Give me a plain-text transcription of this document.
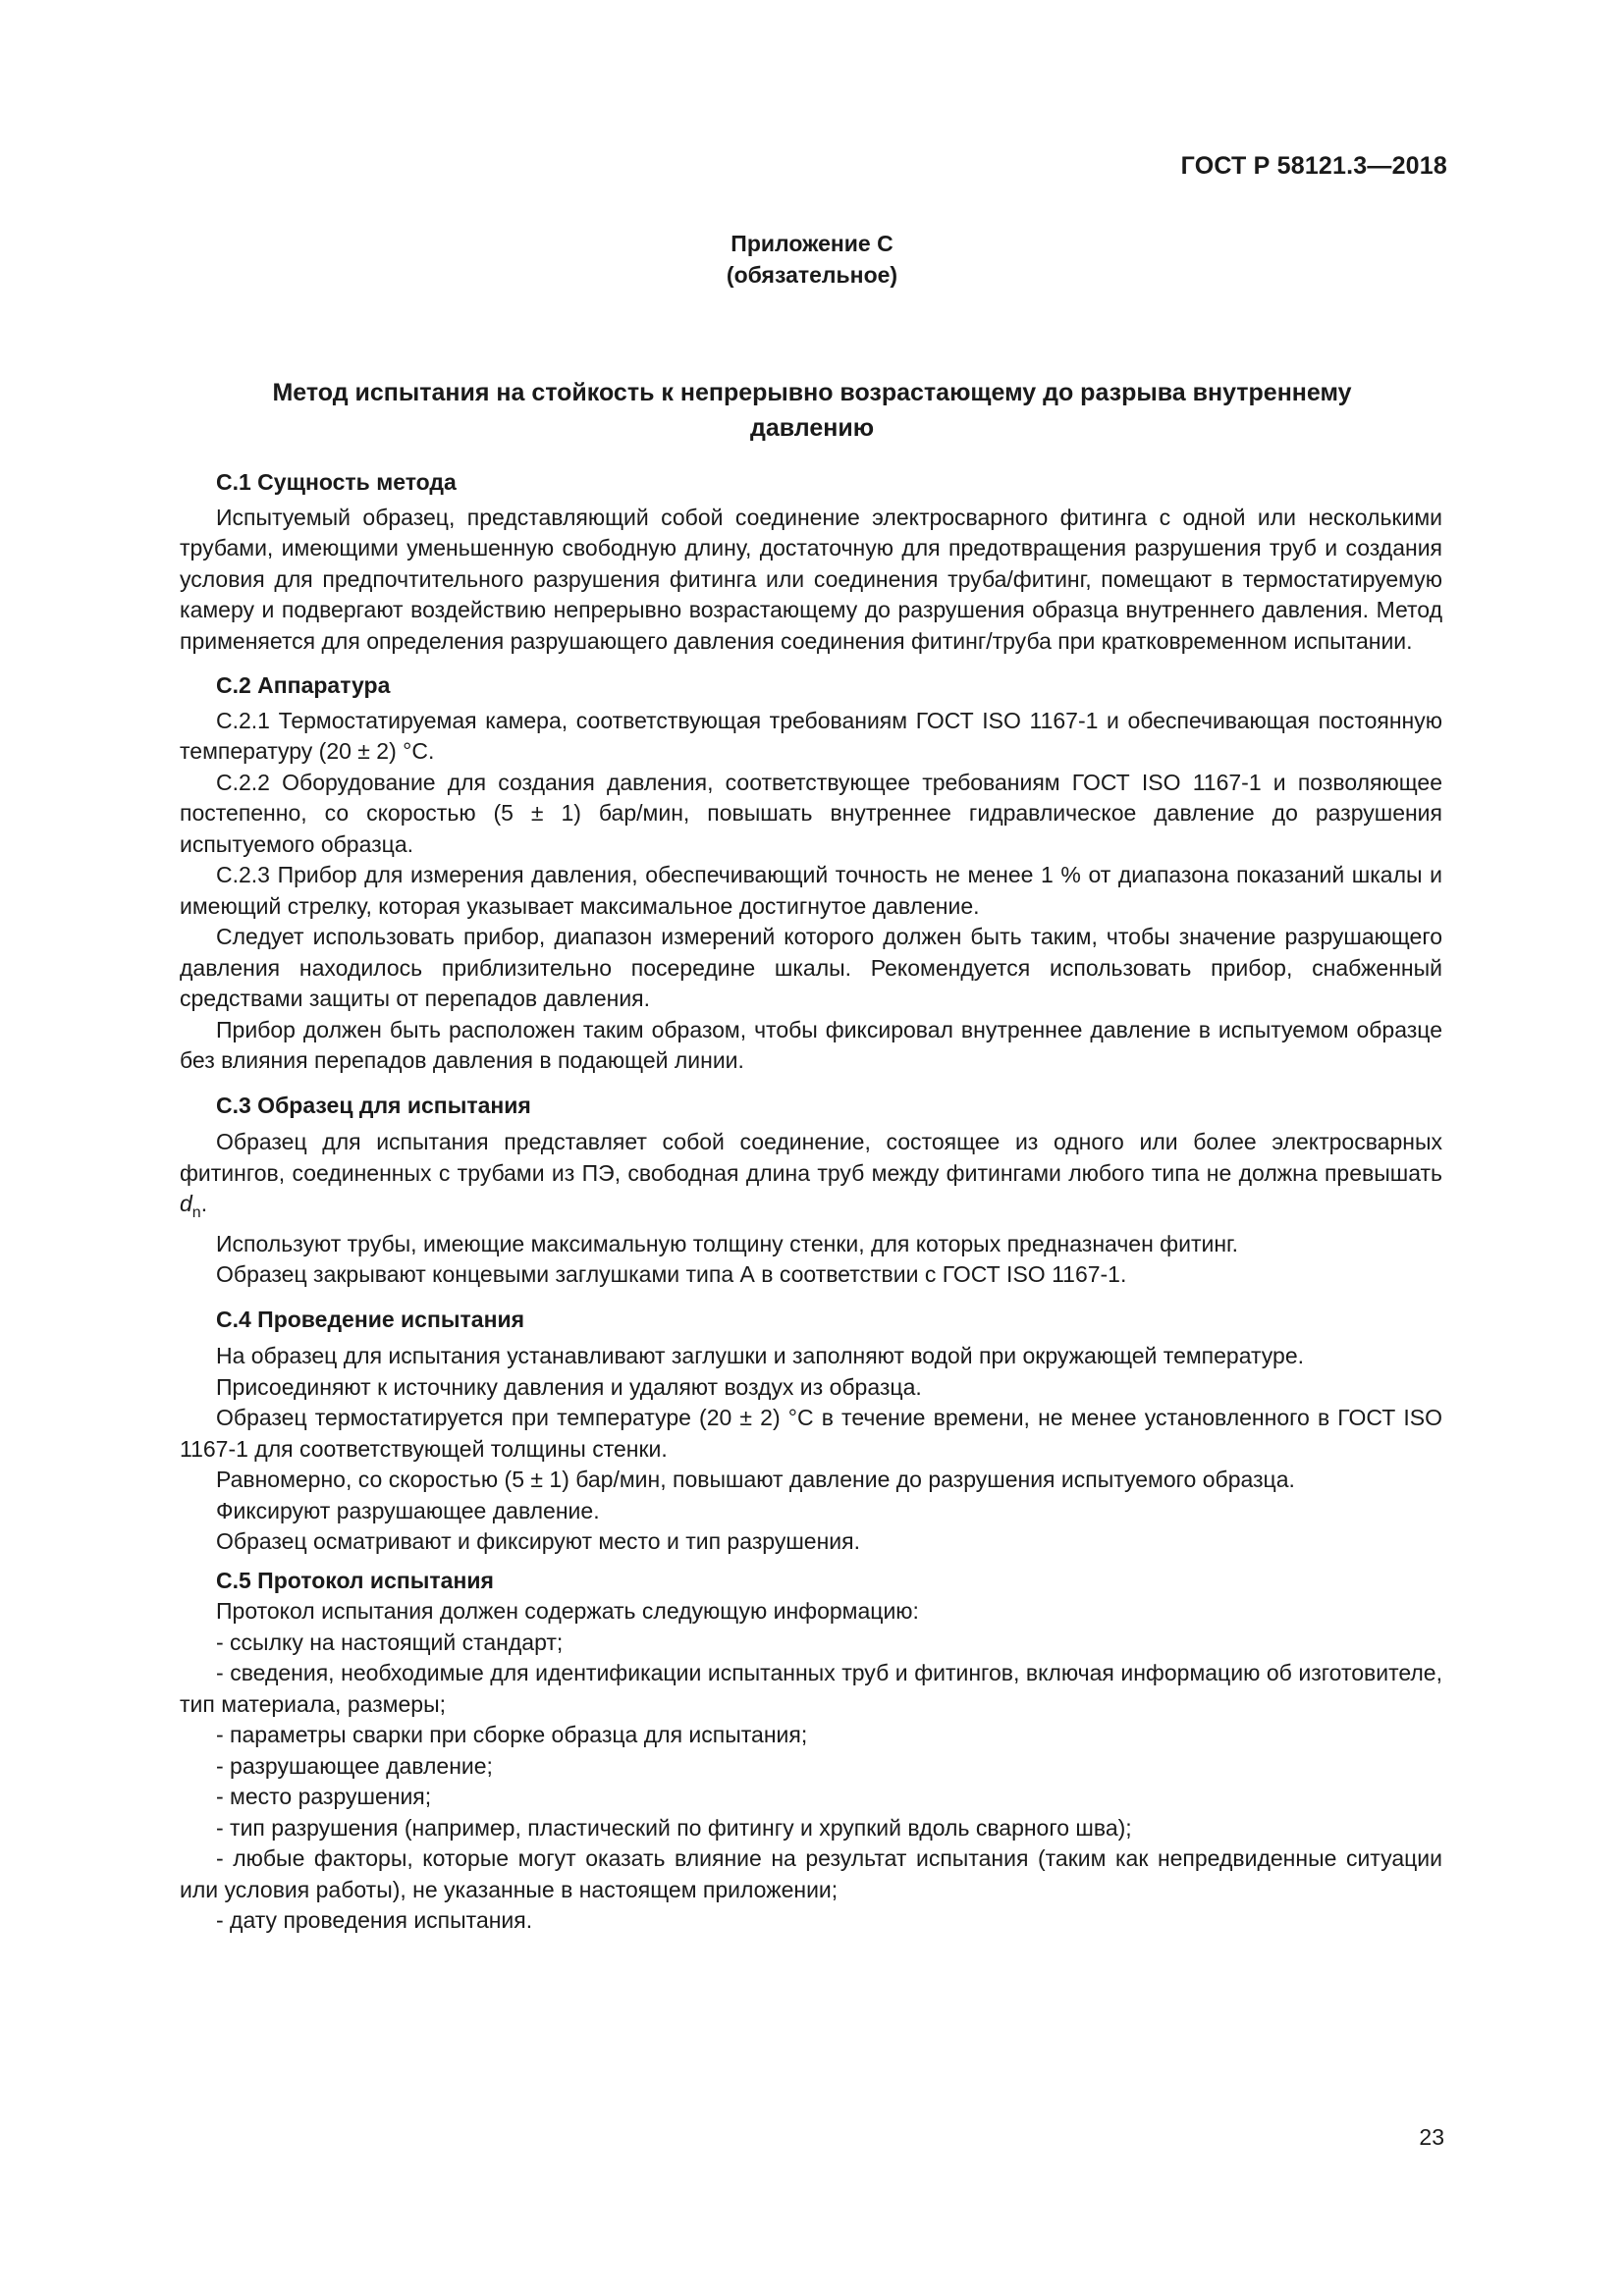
ГОСТ Р 58121.3—2018
Приложение С
(обязательное)
Метод испытания на стойкость к непрерывно возрастающему до разрыва внутреннему
давлению
С.1 Сущность метода

Испытуемый образец, представляющий собой соединение электросварного фитинга с одной или несколькими трубами, имеющими уменьшенную свободную длину, достаточную для предотвращения разрушения труб и создания условия для предпочтительного разрушения фитинга или соединения труба/фитинг, помещают в термостатируемую камеру и подвергают воздействию непрерывно возрастающему до разрушения образца внутреннего давления. Метод применяется для определения разрушающего давления соединения фитинг/труба при кратковременном испытании.

С.2 Аппаратура

С.2.1 Термостатируемая камера, соответствующая требованиям ГОСТ ISO 1167-1 и обеспечивающая постоянную температуру (20 ± 2) °С.

С.2.2 Оборудование для создания давления, соответствующее требованиям ГОСТ ISO 1167-1 и позволяющее постепенно, со скоростью (5 ± 1) бар/мин, повышать внутреннее гидравлическое давление до разрушения испытуемого образца.

С.2.3 Прибор для измерения давления, обеспечивающий точность не менее 1 % от диапазона показаний шкалы и имеющий стрелку, которая указывает максимальное достигнутое давление.

Следует использовать прибор, диапазон измерений которого должен быть таким, чтобы значение разрушающего давления находилось приблизительно посередине шкалы. Рекомендуется использовать прибор, снабженный средствами защиты от перепадов давления.

Прибор должен быть расположен таким образом, чтобы фиксировал внутреннее давление в испытуемом образце без влияния перепадов давления в подающей линии.

С.3 Образец для испытания

Образец для испытания представляет собой соединение, состоящее из одного или более электросварных фитингов, соединенных с трубами из ПЭ, свободная длина труб между фитингами любого типа не должна превышать $d_n$.

Используют трубы, имеющие максимальную толщину стенки, для которых предназначен фитинг.

Образец закрывают концевыми заглушками типа А в соответствии с ГОСТ ISO 1167-1.

С.4 Проведение испытания

На образец для испытания устанавливают заглушки и заполняют водой при окружающей температуре.

Присоединяют к источнику давления и удаляют воздух из образца.

Образец термостатируется при температуре (20 ± 2) °С в течение времени, не менее установленного в ГОСТ ISO 1167-1 для соответствующей толщины стенки.

Равномерно, со скоростью (5 ± 1) бар/мин, повышают давление до разрушения испытуемого образца.

Фиксируют разрушающее давление.

Образец осматривают и фиксируют место и тип разрушения.

С.5 Протокол испытания

Протокол испытания должен содержать следующую информацию:

- ссылку на настоящий стандарт;

- сведения, необходимые для идентификации испытанных труб и фитингов, включая информацию об изготовителе, тип материала, размеры;

- параметры сварки при сборке образца для испытания;

- разрушающее давление;

- место разрушения;

- тип разрушения (например, пластический по фитингу и хрупкий вдоль сварного шва);

- любые факторы, которые могут оказать влияние на результат испытания (таким как непредвиденные ситуации или условия работы), не указанные в настоящем приложении;

- дату проведения испытания.

23
